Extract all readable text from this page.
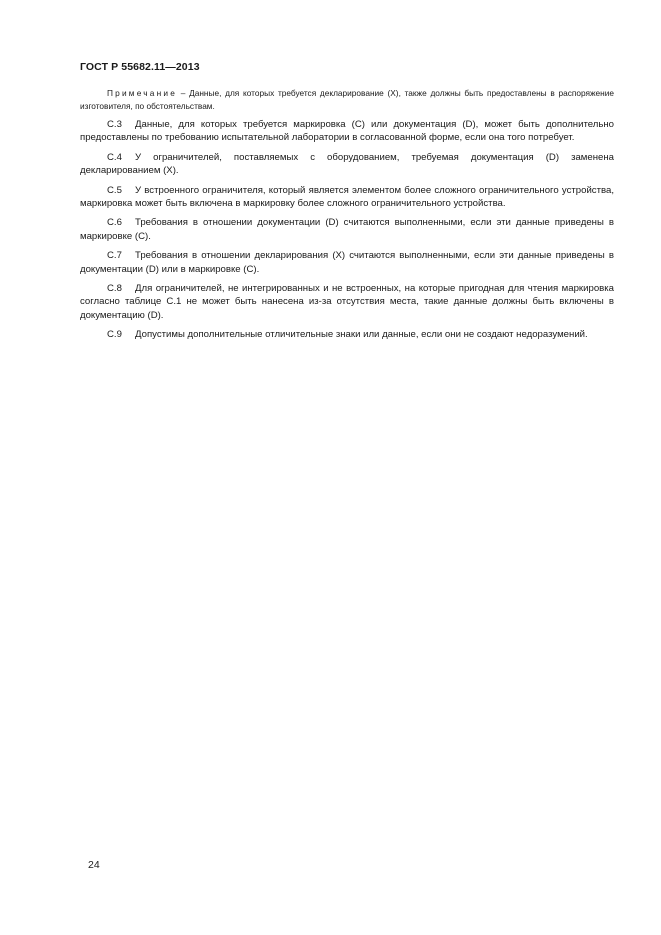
ГОСТ Р 55682.11—2013

Примечание – Данные, для которых требуется декларирование (Х), также должны быть предоставлены в распоряжение изготовителя, по обстоятельствам.

С.3 Данные, для которых требуется маркировка (С) или документация (D), может быть дополнительно предоставлены по требованию испытательной лаборатории в согласованной форме, если она того потребует.

С.4 У ограничителей, поставляемых с оборудованием, требуемая документация (D) заменена декларированием (Х).

С.5 У встроенного ограничителя, который является элементом более сложного ограничительного устройства, маркировка может быть включена в маркировку более сложного ограничительного устройства.

С.6 Требования в отношении документации (D) считаются выполненными, если эти данные приведены в маркировке (С).

С.7 Требования в отношении декларирования (Х) считаются выполненными, если эти данные приведены в документации (D) или в маркировке (С).

С.8 Для ограничителей, не интегрированных и не встроенных, на которые пригодная для чтения маркировка согласно таблице С.1 не может быть нанесена из-за отсутствия места, такие данные должны быть включены в документацию (D).

С.9 Допустимы дополнительные отличительные знаки или данные, если они не создают недоразумений.

24
